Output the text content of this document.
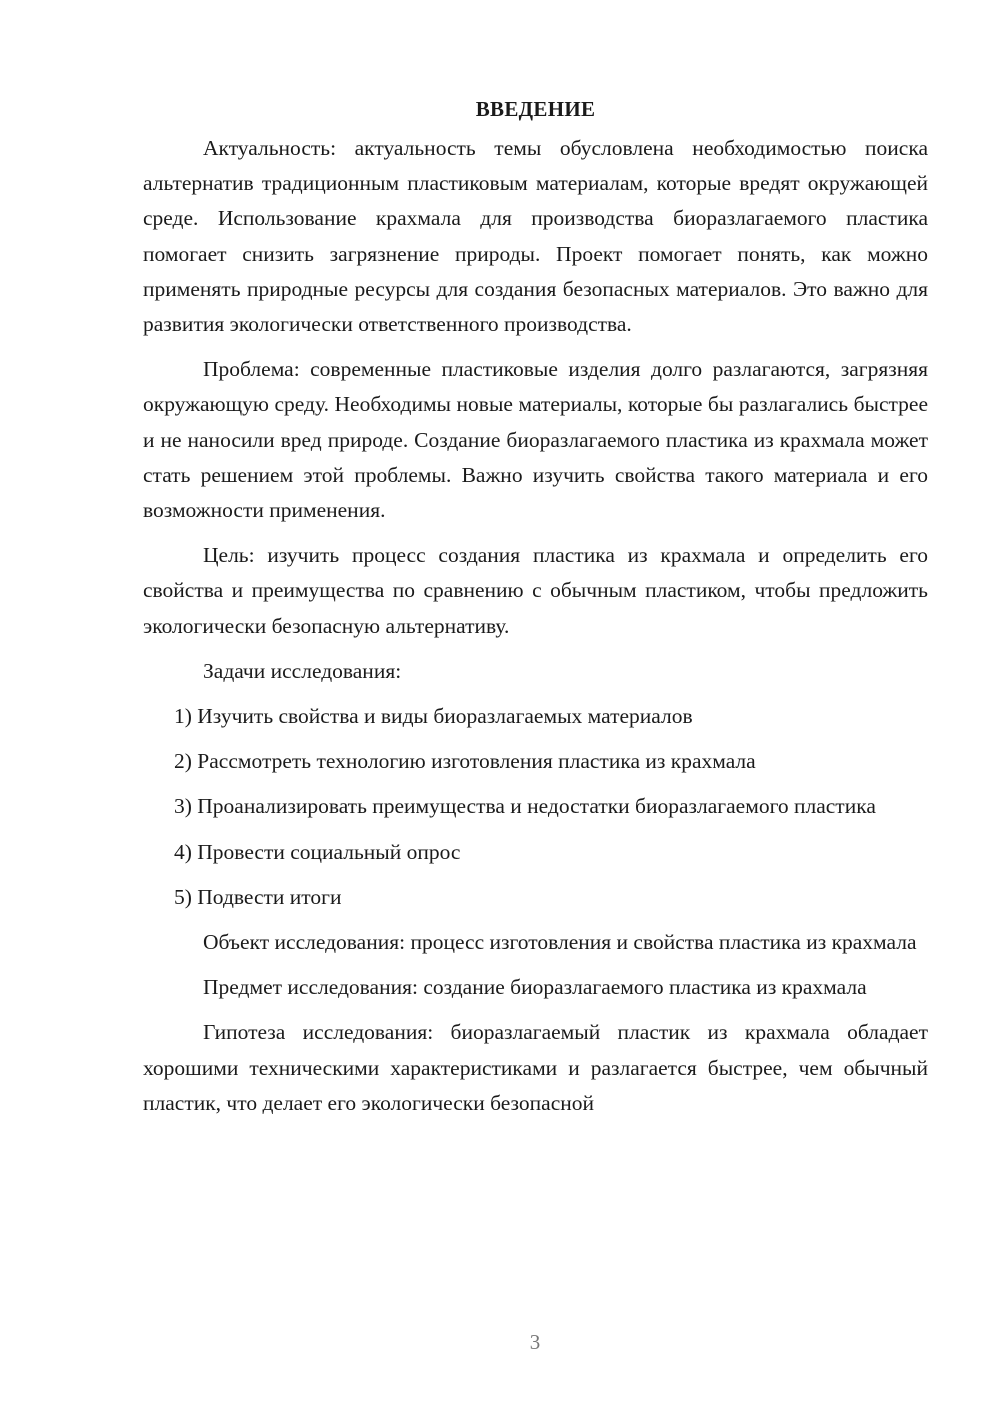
ВВЕДЕНИЕ

Актуальность: актуальность темы обусловлена необходимостью поиска альтернатив традиционным пластиковым материалам, которые вредят окружающей среде. Использование крахмала для производства биоразлагаемого пластика помогает снизить загрязнение природы. Проект помогает понять, как можно применять природные ресурсы для создания безопасных материалов. Это важно для развития экологически ответственного производства.

Проблема: современные пластиковые изделия долго разлагаются, загрязняя окружающую среду. Необходимы новые материалы, которые бы разлагались быстрее и не наносили вред природе. Создание биоразлагаемого пластика из крахмала может стать решением этой проблемы. Важно изучить свойства такого материала и его возможности применения.

Цель: изучить процесс создания пластика из крахмала и определить его свойства и преимущества по сравнению с обычным пластиком, чтобы предложить экологически безопасную альтернативу.

Задачи исследования:

1) Изучить свойства и виды биоразлагаемых материалов

2) Рассмотреть технологию изготовления пластика из крахмала

3) Проанализировать преимущества и недостатки биоразлагаемого пластика

4) Провести социальный опрос

5) Подвести итоги

Объект исследования: процесс изготовления и свойства пластика из крахмала

Предмет исследования: создание биоразлагаемого пластика из крахмала

Гипотеза исследования: биоразлагаемый пластик из крахмала обладает хорошими техническими характеристиками и разлагается быстрее, чем обычный пластик, что делает его экологически безопасной

3
